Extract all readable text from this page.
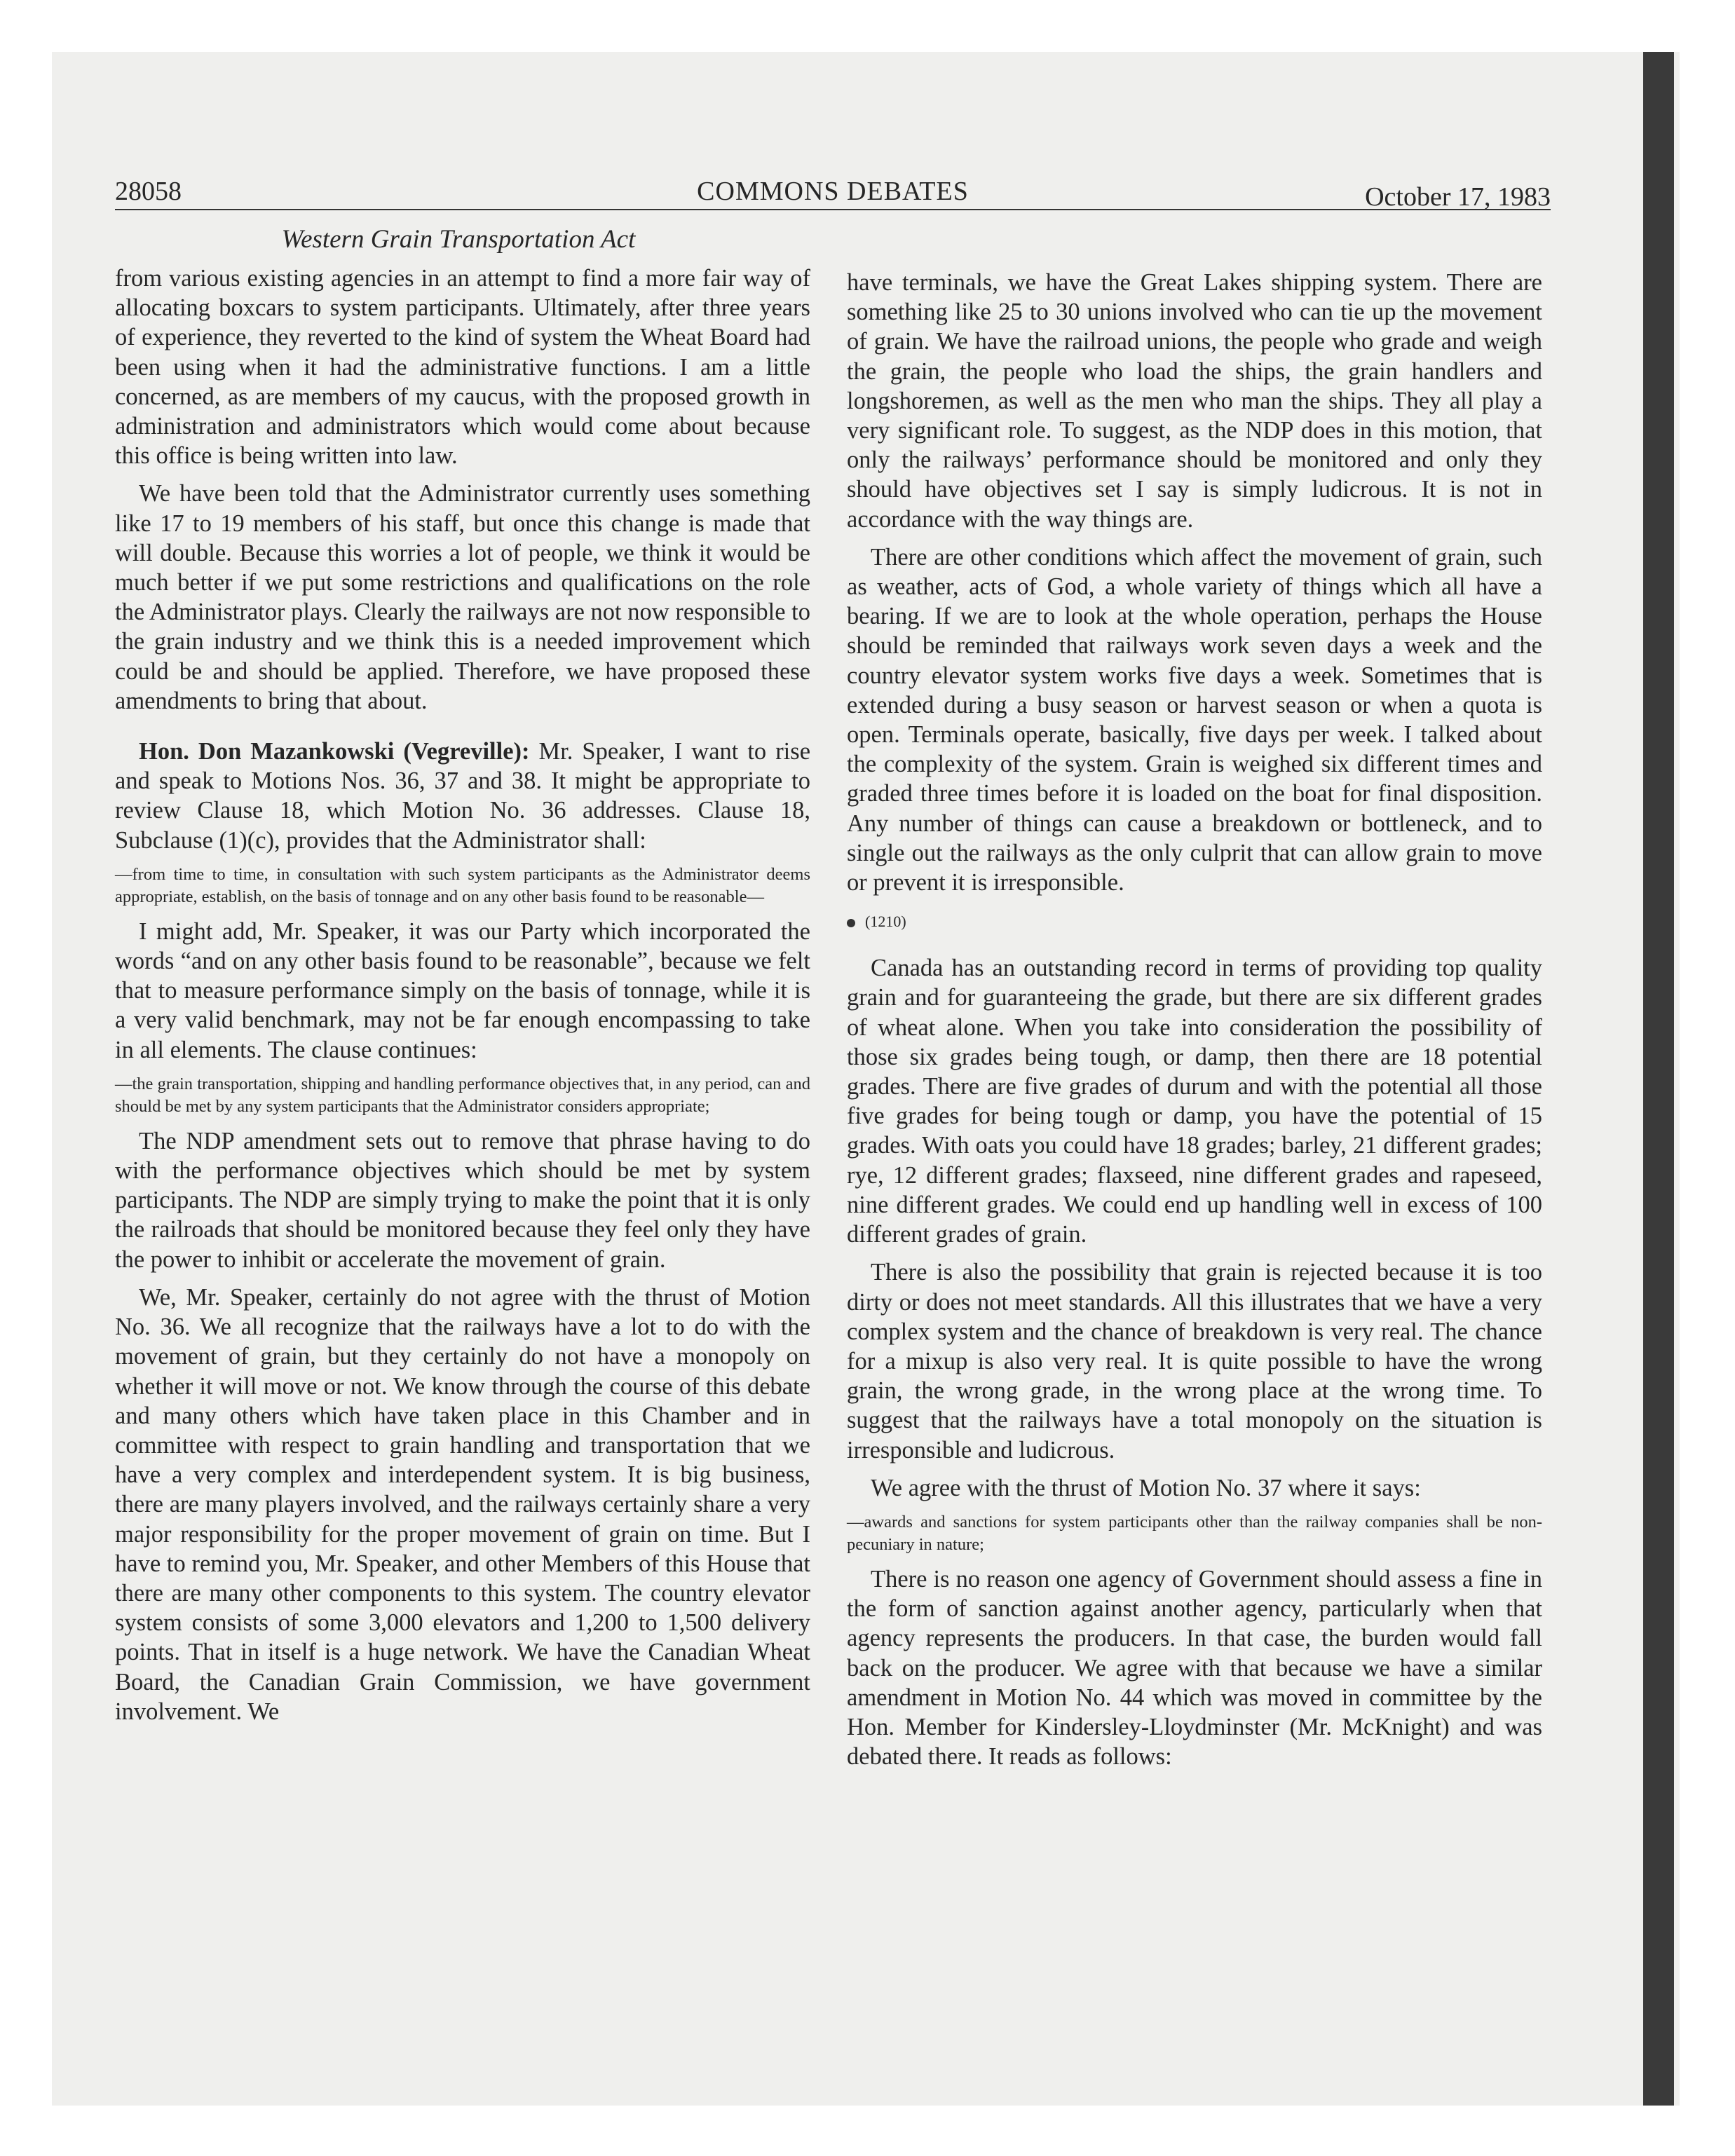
28058	COMMONS DEBATES	October 17, 1983
Western Grain Transportation Act

from various existing agencies in an attempt to find a more fair way of allocating boxcars to system participants. Ultimately, after three years of experience, they reverted to the kind of system the Wheat Board had been using when it had the administrative functions. I am a little concerned, as are members of my caucus, with the proposed growth in administration and administrators which would come about because this office is being written into law.

We have been told that the Administrator currently uses something like 17 to 19 members of his staff, but once this change is made that will double. Because this worries a lot of people, we think it would be much better if we put some restrictions and qualifications on the role the Administrator plays. Clearly the railways are not now responsible to the grain industry and we think this is a needed improvement which could be and should be applied. Therefore, we have proposed these amendments to bring that about.

Hon. Don Mazankowski (Vegreville): Mr. Speaker, I want to rise and speak to Motions Nos. 36, 37 and 38. It might be appropriate to review Clause 18, which Motion No. 36 addresses. Clause 18, Subclause (1)(c), provides that the Administrator shall:

—from time to time, in consultation with such system participants as the Administrator deems appropriate, establish, on the basis of tonnage and on any other basis found to be reasonable—

I might add, Mr. Speaker, it was our Party which incorporated the words “and on any other basis found to be reasonable”, because we felt that to measure performance simply on the basis of tonnage, while it is a very valid benchmark, may not be far enough encompassing to take in all elements. The clause continues:

—the grain transportation, shipping and handling performance objectives that, in any period, can and should be met by any system participants that the Administrator considers appropriate;

The NDP amendment sets out to remove that phrase having to do with the performance objectives which should be met by system participants. The NDP are simply trying to make the point that it is only the railroads that should be monitored because they feel only they have the power to inhibit or accelerate the movement of grain.

We, Mr. Speaker, certainly do not agree with the thrust of Motion No. 36. We all recognize that the railways have a lot to do with the movement of grain, but they certainly do not have a monopoly on whether it will move or not. We know through the course of this debate and many others which have taken place in this Chamber and in committee with respect to grain handling and transportation that we have a very complex and interdependent system. It is big business, there are many players involved, and the railways certainly share a very major responsibility for the proper movement of grain on time. But I have to remind you, Mr. Speaker, and other Members of this House that there are many other components to this system. The country elevator system consists of some 3,000 elevators and 1,200 to 1,500 delivery points. That in itself is a huge network. We have the Canadian Wheat Board, the Canadian Grain Commission, we have government involvement. We

have terminals, we have the Great Lakes shipping system. There are something like 25 to 30 unions involved who can tie up the movement of grain. We have the railroad unions, the people who grade and weigh the grain, the people who load the ships, the grain handlers and longshoremen, as well as the men who man the ships. They all play a very significant role. To suggest, as the NDP does in this motion, that only the railways’ performance should be monitored and only they should have objectives set I say is simply ludicrous. It is not in accordance with the way things are.

There are other conditions which affect the movement of grain, such as weather, acts of God, a whole variety of things which all have a bearing. If we are to look at the whole operation, perhaps the House should be reminded that railways work seven days a week and the country elevator system works five days a week. Sometimes that is extended during a busy season or harvest season or when a quota is open. Terminals operate, basically, five days per week. I talked about the complexity of the system. Grain is weighed six different times and graded three times before it is loaded on the boat for final disposition. Any number of things can cause a breakdown or bottleneck, and to single out the railways as the only culprit that can allow grain to move or prevent it is irresponsible.

(1210)

Canada has an outstanding record in terms of providing top quality grain and for guaranteeing the grade, but there are six different grades of wheat alone. When you take into consideration the possibility of those six grades being tough, or damp, then there are 18 potential grades. There are five grades of durum and with the potential all those five grades for being tough or damp, you have the potential of 15 grades. With oats you could have 18 grades; barley, 21 different grades; rye, 12 different grades; flaxseed, nine different grades and rapeseed, nine different grades. We could end up handling well in excess of 100 different grades of grain.

There is also the possibility that grain is rejected because it is too dirty or does not meet standards. All this illustrates that we have a very complex system and the chance of breakdown is very real. The chance for a mixup is also very real. It is quite possible to have the wrong grain, the wrong grade, in the wrong place at the wrong time. To suggest that the railways have a total monopoly on the situation is irresponsible and ludicrous.

We agree with the thrust of Motion No. 37 where it says:

—awards and sanctions for system participants other than the railway companies shall be non-pecuniary in nature;

There is no reason one agency of Government should assess a fine in the form of sanction against another agency, particularly when that agency represents the producers. In that case, the burden would fall back on the producer. We agree with that because we have a similar amendment in Motion No. 44 which was moved in committee by the Hon. Member for Kindersley-Lloydminster (Mr. McKnight) and was debated there. It reads as follows:
